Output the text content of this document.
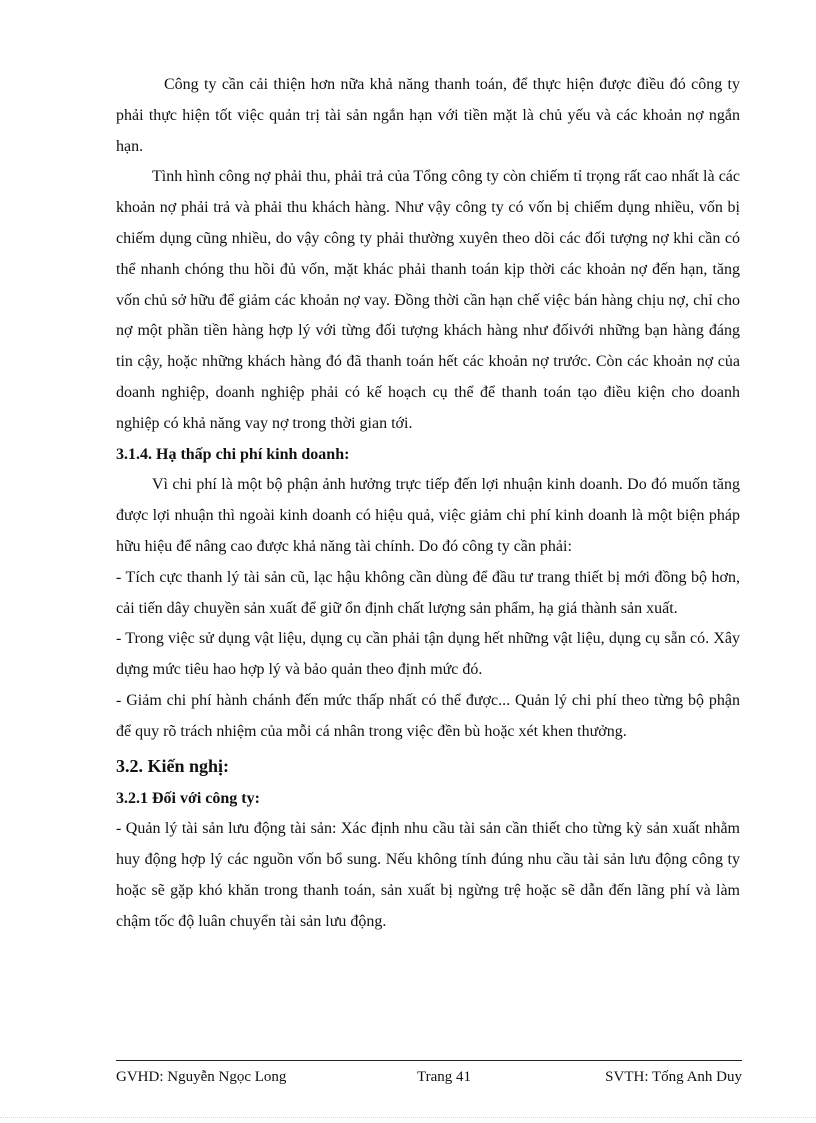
Công ty cần cải thiện hơn nữa khả năng thanh toán, để thực hiện được điều đó công ty phải thực hiện tốt việc quản trị tài sản ngắn hạn với tiền mặt là chủ yếu và các khoản nợ ngắn hạn.

Tình hình công nợ phải thu, phải trả của Tổng công ty còn chiếm tỉ trọng rất cao nhất là các khoản nợ phải trả và phải thu khách hàng. Như vậy công ty có vốn bị chiếm dụng nhiều, vốn bị chiếm dụng cũng nhiều, do vậy công ty phải thường xuyên theo dõi các đối tượng nợ khi cần có thể nhanh chóng thu hồi đủ vốn, mặt khác phải thanh toán kịp thời các khoản nợ đến hạn, tăng vốn chủ sở hữu để giảm các khoản nợ vay. Đồng thời cần hạn chế việc bán hàng chịu nợ, chỉ cho nợ một phần tiền hàng hợp lý với từng đối tượng khách hàng như đốivới những bạn hàng đáng tin cậy, hoặc những khách hàng đó đã thanh toán hết các khoản nợ trước. Còn các khoản nợ của doanh nghiệp, doanh nghiệp phải có kế hoạch cụ thể để thanh toán tạo điều kiện cho doanh nghiệp có khả năng vay nợ trong thời gian tới.

3.1.4. Hạ thấp chi phí kinh doanh:

Vì chi phí là một bộ phận ảnh hưởng trực tiếp đến lợi nhuận kinh doanh. Do đó muốn tăng được lợi nhuận thì ngoài kinh doanh có hiệu quả, việc giảm chi phí kinh doanh là một biện pháp hữu hiệu để nâng cao được khả năng tài chính. Do đó công ty cần phải:

- Tích cực thanh lý tài sản cũ, lạc hậu không cần dùng để đầu tư trang thiết bị mới đồng bộ hơn, cải tiến dây chuyền sản xuất để giữ ổn định chất lượng sản phẩm, hạ giá thành sản xuất.

- Trong việc sử dụng vật liệu, dụng cụ cần phải tận dụng hết những vật liệu, dụng cụ sẵn có. Xây dựng mức tiêu hao hợp lý và bảo quản theo định mức đó.

- Giảm chi phí hành chánh đến mức thấp nhất có thể được... Quản lý chi phí theo từng bộ phận để quy rõ trách nhiệm của mỗi cá nhân trong việc đền bù hoặc xét khen thưởng.

3.2. Kiến nghị:

3.2.1 Đối với công ty:

- Quản lý tài sản lưu động tài sản: Xác định nhu cầu tài sản cần thiết cho từng kỳ sản xuất nhằm huy động hợp lý các nguồn vốn bổ sung. Nếu không tính đúng nhu cầu tài sản lưu động công ty hoặc sẽ gặp khó khăn trong thanh toán, sản xuất bị ngừng trệ hoặc sẽ dẫn đến lãng phí và làm chậm tốc độ luân chuyển tài sản lưu động.

GVHD: Nguyễn Ngọc Long	Trang 41	SVTH: Tống Anh Duy
